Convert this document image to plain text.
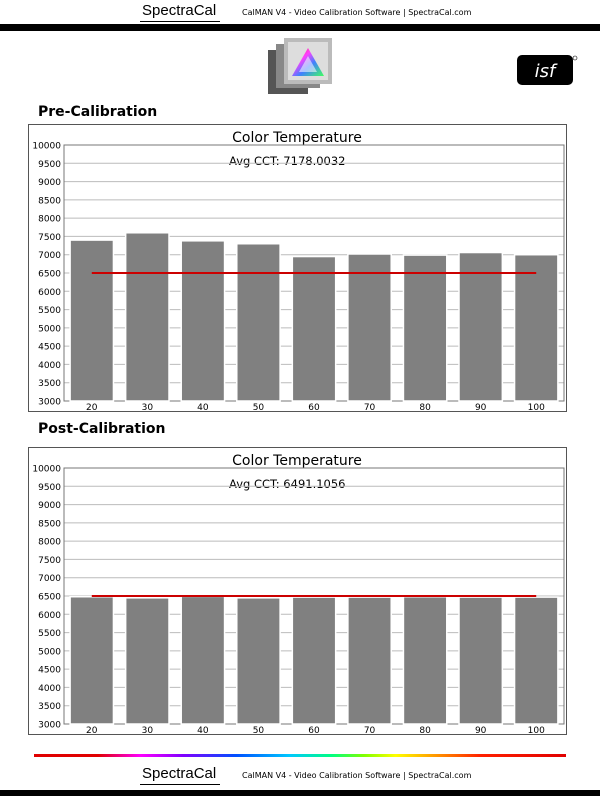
SpectraCal	CalMAN V4 - Video Calibration Software | SpectraCal.com
isf
Pre-Calibration
Color Temperature
Avg CCT: 7178.0032
3000
3500
4000
4500
5000
5500
6000
6500
7000
7500
8000
8500
9000
9500
10000
20	30	40	50	60	70	80	90	100
Post-Calibration
Color Temperature
Avg CCT: 6491.1056
3000
3500
4000
4500
5000
5500
6000
6500
7000
7500
8000
8500
9000
9500
10000
20	30	40	50	60	70	80	90	100
SpectraCal	CalMAN V4 - Video Calibration Software | SpectraCal.com
